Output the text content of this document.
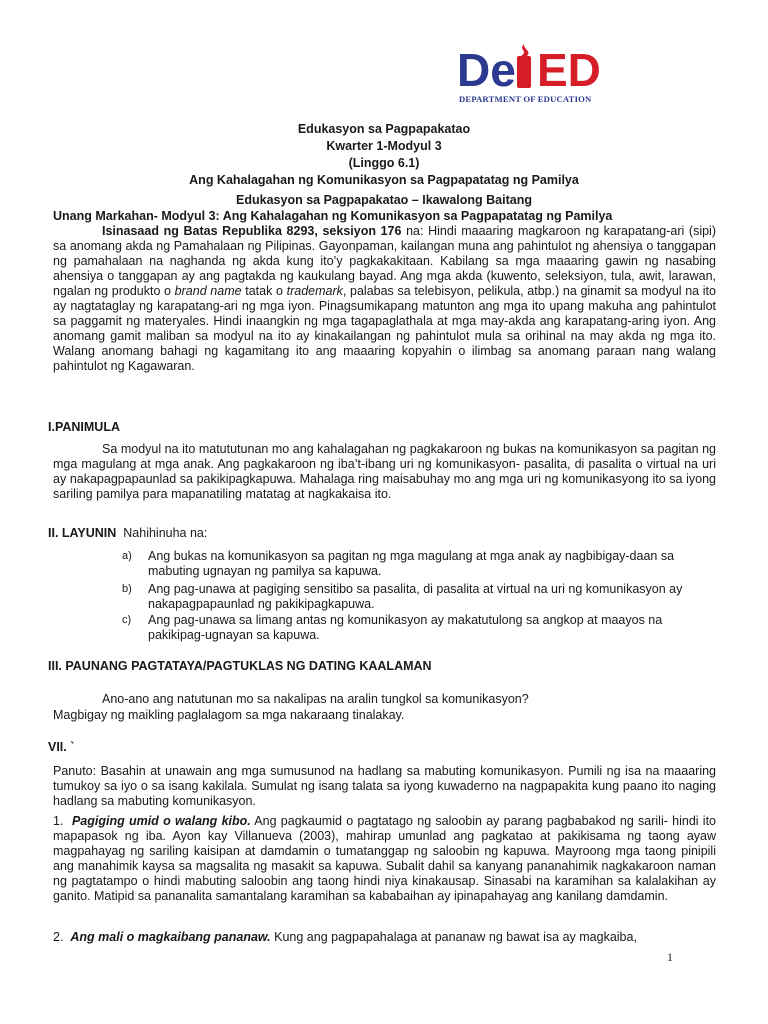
De ED
DEPARTMENT OF EDUCATION
Edukasyon sa Pagpapakatao
Kwarter 1-Modyul 3
(Linggo 6.1)
Ang Kahalagahan ng Komunikasyon sa Pagpapatatag ng Pamilya
Edukasyon sa Pagpapakatao – Ikawalong Baitang
Unang Markahan- Modyul 3: Ang Kahalagahan ng Komunikasyon sa Pagpapatatag ng Pamilya

Isinasaad ng Batas Republika 8293, seksiyon 176 na: Hindi maaaring magkaroon ng karapatang-ari (sipi) sa anomang akda ng Pamahalaan ng Pilipinas. Gayonpaman, kailangan muna ang pahintulot ng ahensiya o tanggapan ng pamahalaan na naghanda ng akda kung ito’y pagkakakitaan. Kabilang sa mga maaaring gawin ng nasabing ahensiya o tanggapan ay ang pagtakda ng kaukulang bayad. Ang mga akda (kuwento, seleksiyon, tula, awit, larawan, ngalan ng produkto o brand name tatak o trademark, palabas sa telebisyon, pelikula, atbp.) na ginamit sa modyul na ito ay nagtataglay ng karapatang-ari ng mga iyon. Pinagsumikapang matunton ang mga ito upang makuha ang pahintulot sa paggamit ng materyales. Hindi inaangkin ng mga tagapaglathala at mga may-akda ang karapatang-aring iyon. Ang anomang gamit maliban sa modyul na ito ay kinakailangan ng pahintulot mula sa orihinal na may akda ng mga ito. Walang anomang bahagi ng kagamitang ito ang maaaring kopyahin o ilimbag sa anomang paraan nang walang pahintulot ng Kagawaran.

I.PANIMULA

Sa modyul na ito matututunan mo ang kahalagahan ng pagkakaroon ng bukas na komunikasyon sa pagitan ng mga magulang at mga anak. Ang pagkakaroon ng iba’t-ibang uri ng komunikasyon- pasalita, di pasalita o virtual na uri ay nakapagpapaunlad sa pakikipagkapuwa. Mahalaga ring maisabuhay mo ang mga uri ng komunikasyong ito sa iyong sariling pamilya para mapanatiling matatag at nagkakaisa ito.

II. LAYUNIN Nahihinuha na:
a)	Ang bukas na komunikasyon sa pagitan ng mga magulang at mga anak ay nagbibigay-daan sa mabuting ugnayan ng pamilya sa kapuwa.
b)	Ang pag-unawa at pagiging sensitibo sa pasalita, di pasalita at virtual na uri ng komunikasyon ay nakapagpapaunlad ng pakikipagkapuwa.
c)	Ang pag-unawa sa limang antas ng komunikasyon ay makatutulong sa angkop at maayos na pakikipag-ugnayan sa kapuwa.
III. PAUNANG PAGTATAYA/PAGTUKLAS NG DATING KAALAMAN
Ano-ano ang natutunan mo sa nakalipas na aralin tungkol sa komunikasyon?
Magbigay ng maikling paglalagom sa mga nakaraang tinalakay.
VII. `

Panuto: Basahin at unawain ang mga sumusunod na hadlang sa mabuting komunikasyon. Pumili ng isa na maaaring tumukoy sa iyo o sa isang kakilala. Sumulat ng isang talata sa iyong kuwaderno na nagpapakita kung paano ito naging hadlang sa mabuting komunikasyon.

1. Pagiging umid o walang kibo. Ang pagkaumid o pagtatago ng saloobin ay parang pagbabakod ng sarili- hindi ito mapapasok ng iba. Ayon kay Villanueva (2003), mahirap umunlad ang pagkatao at pakikisama ng taong ayaw magpahayag ng sariling kaisipan at damdamin o tumatanggap ng saloobin ng kapuwa. Mayroong mga taong pinipili ang manahimik kaysa sa magsalita ng masakit sa kapuwa. Subalit dahil sa kanyang pananahimik nagkakaroon naman ng pagtatampo o hindi mabuting saloobin ang taong hindi niya kinakausap. Sinasabi na karamihan sa kalalakihan ay ganito. Matipid sa pananalita samantalang karamihan sa kababaihan ay ipinapahayag ang kanilang damdamin.

2. Ang mali o magkaibang pananaw. Kung ang pagpapahalaga at pananaw ng bawat isa ay magkaiba,

1
